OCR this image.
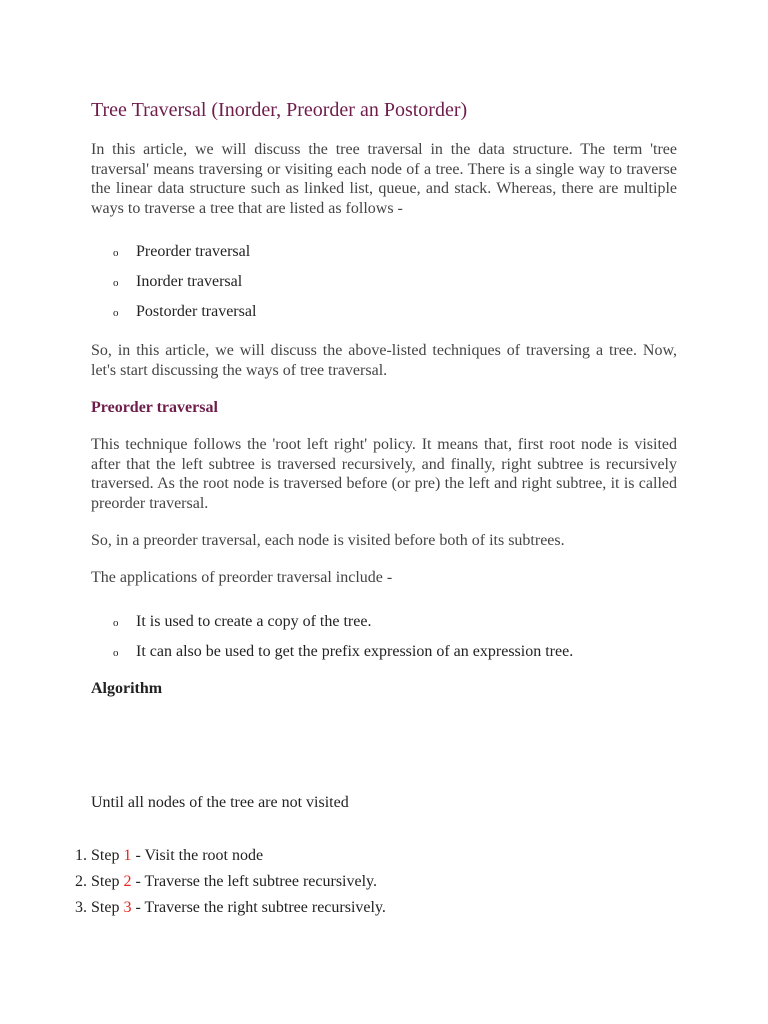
Tree Traversal (Inorder, Preorder an Postorder)

In this article, we will discuss the tree traversal in the data structure. The term 'tree traversal' means traversing or visiting each node of a tree. There is a single way to traverse the linear data structure such as linked list, queue, and stack. Whereas, there are multiple ways to traverse a tree that are listed as follows -

o Preorder traversal
o Inorder traversal
o Postorder traversal

So, in this article, we will discuss the above-listed techniques of traversing a tree. Now, let's start discussing the ways of tree traversal.

Preorder traversal

This technique follows the 'root left right' policy. It means that, first root node is visited after that the left subtree is traversed recursively, and finally, right subtree is recursively traversed. As the root node is traversed before (or pre) the left and right subtree, it is called preorder traversal.

So, in a preorder traversal, each node is visited before both of its subtrees.

The applications of preorder traversal include -

o It is used to create a copy of the tree.
o It can also be used to get the prefix expression of an expression tree.
Algorithm

Until all nodes of the tree are not visited

1. Step 1 - Visit the root node
2. Step 2 - Traverse the left subtree recursively.
3. Step 3 - Traverse the right subtree recursively.
